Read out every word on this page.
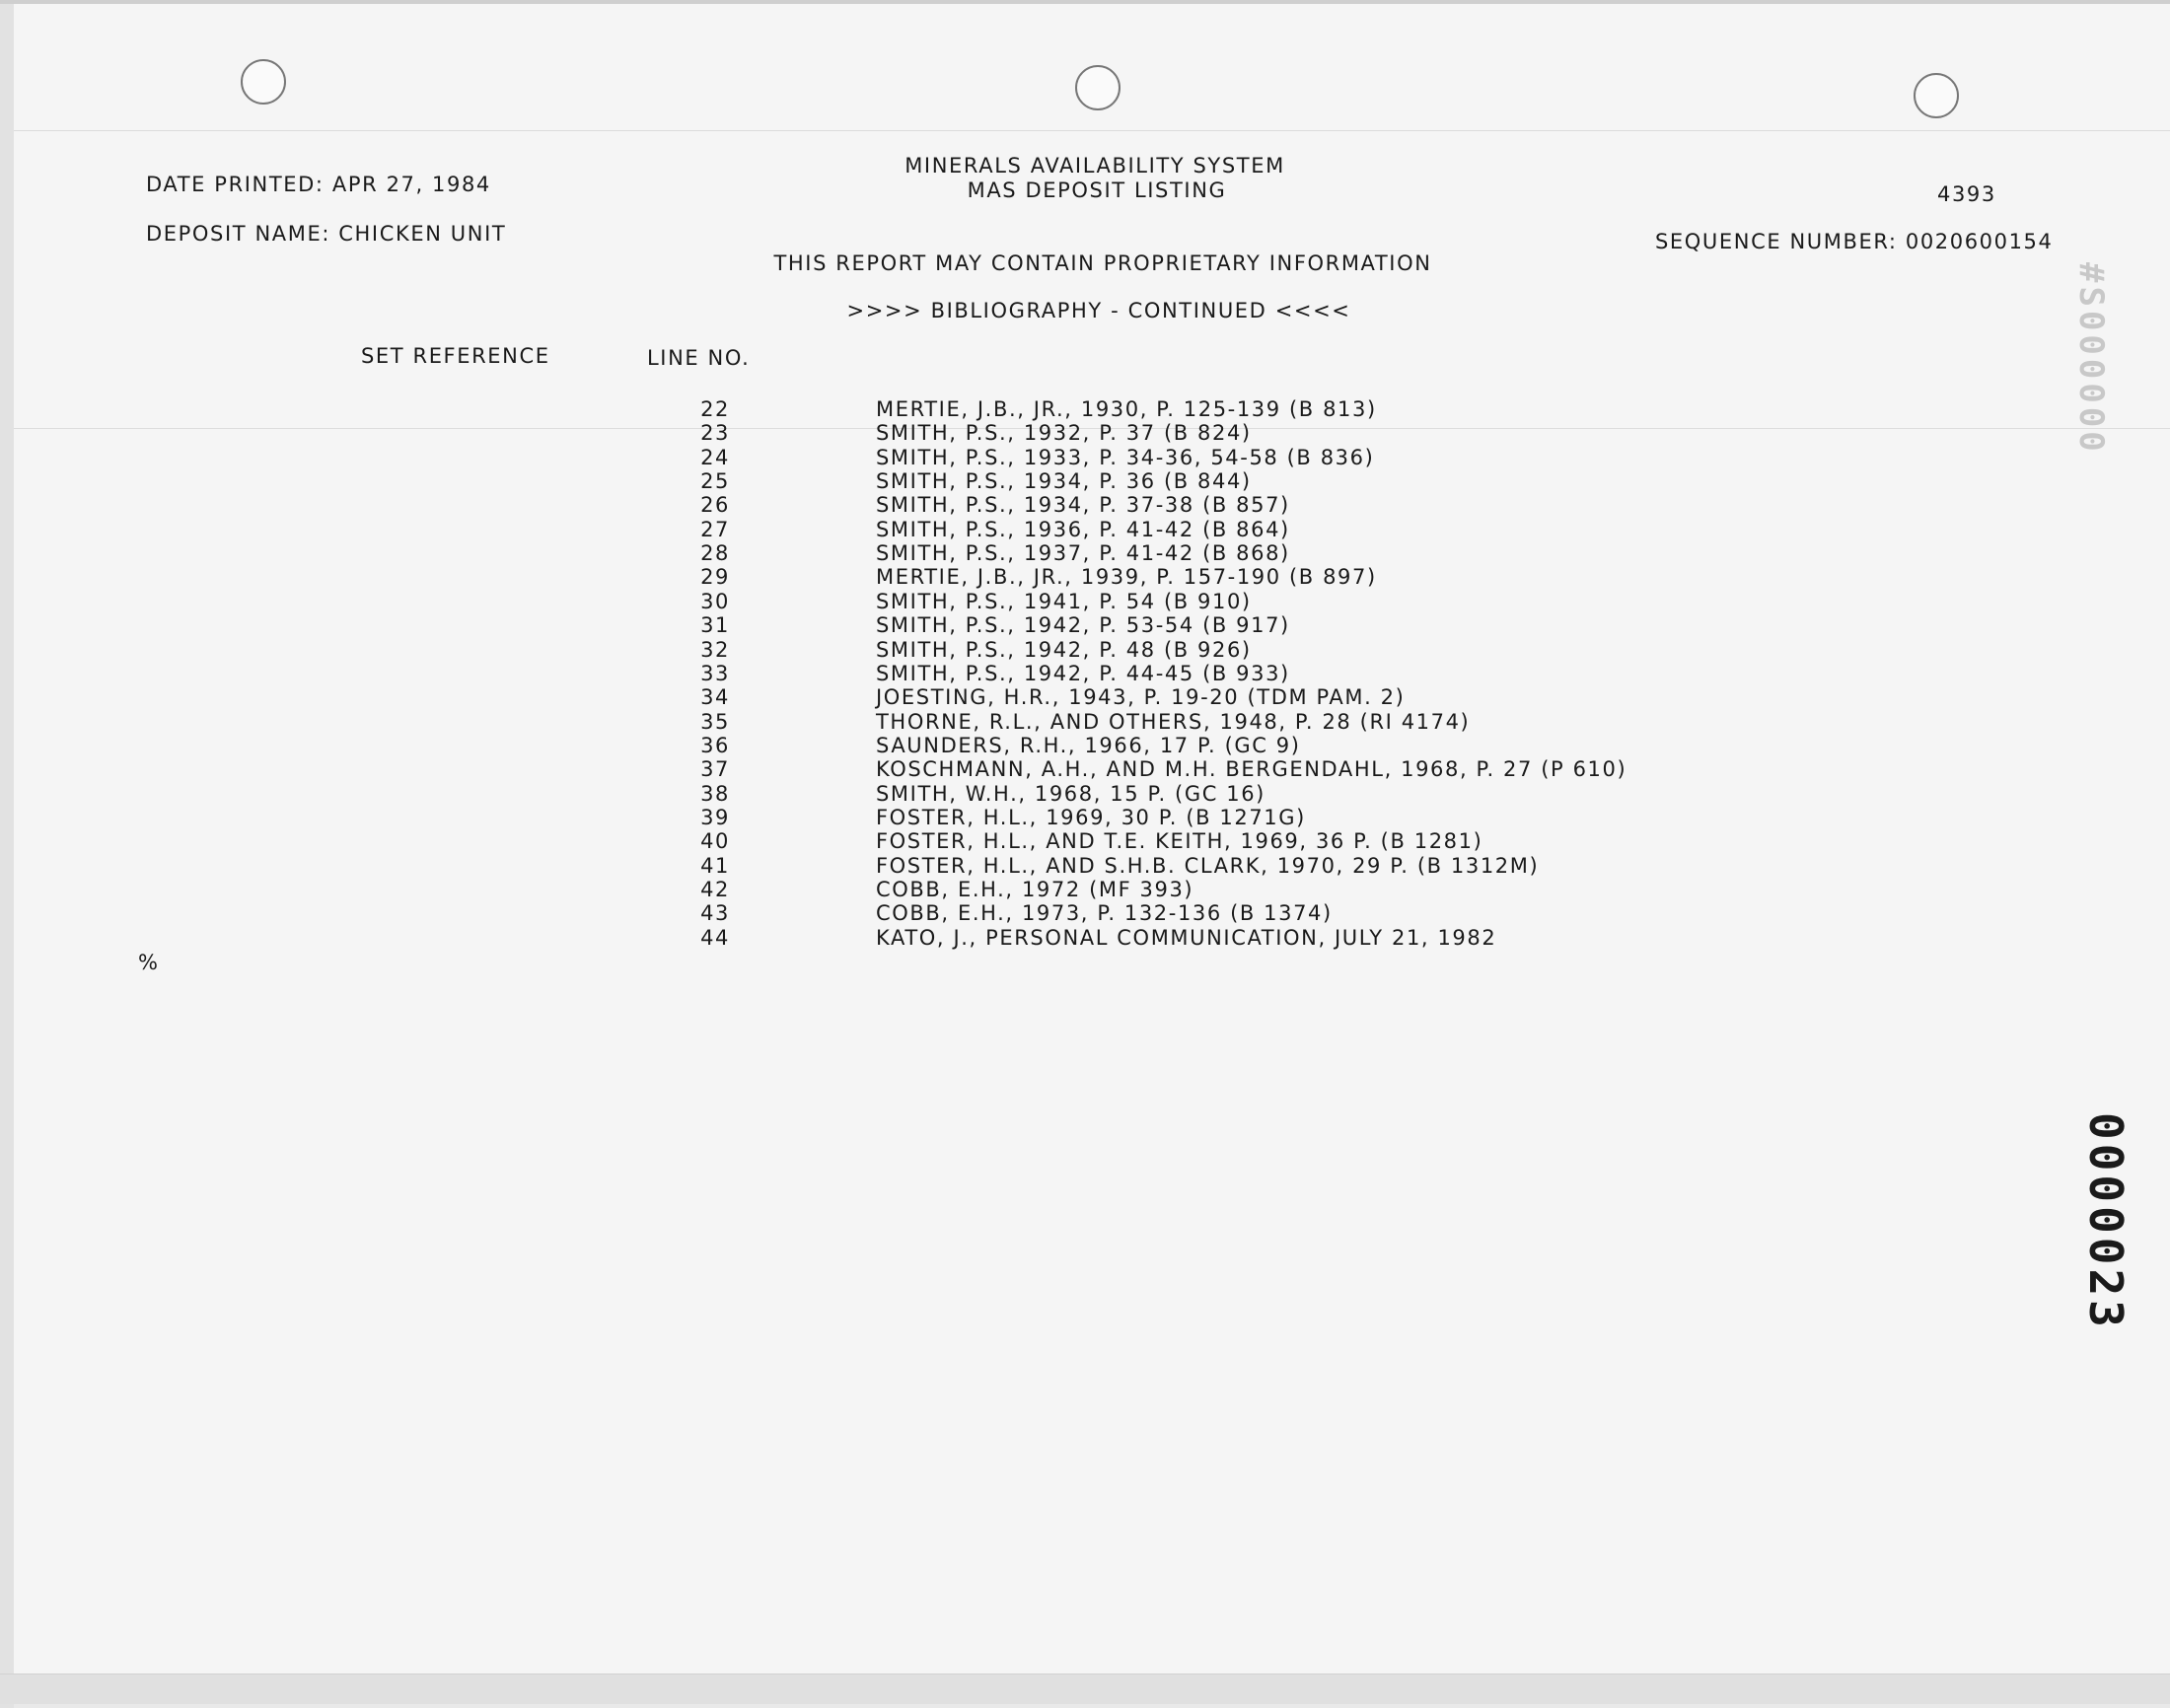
DATE PRINTED: APR 27, 1984
DEPOSIT NAME: CHICKEN UNIT
MINERALS AVAILABILITY SYSTEM
MAS DEPOSIT LISTING	4393
SEQUENCE NUMBER: 0020600154
THIS REPORT MAY CONTAIN PROPRIETARY INFORMATION
>>>> BIBLIOGRAPHY - CONTINUED <<<<
SET REFERENCE	LINE NO.
22	MERTIE, J.B., JR., 1930, P. 125-139 (B 813)
23	SMITH, P.S., 1932, P. 37 (B 824)
24	SMITH, P.S., 1933, P. 34-36, 54-58 (B 836)
25	SMITH, P.S., 1934, P. 36 (B 844)
26	SMITH, P.S., 1934, P. 37-38 (B 857)
27	SMITH, P.S., 1936, P. 41-42 (B 864)
28	SMITH, P.S., 1937, P. 41-42 (B 868)
29	MERTIE, J.B., JR., 1939, P. 157-190 (B 897)
30	SMITH, P.S., 1941, P. 54 (B 910)
31	SMITH, P.S., 1942, P. 53-54 (B 917)
32	SMITH, P.S., 1942, P. 48 (B 926)
33	SMITH, P.S., 1942, P. 44-45 (B 933)
34	JOESTING, H.R., 1943, P. 19-20 (TDM PAM. 2)
35	THORNE, R.L., AND OTHERS, 1948, P. 28 (RI 4174)
36	SAUNDERS, R.H., 1966, 17 P. (GC 9)
37	KOSCHMANN, A.H., AND M.H. BERGENDAHL, 1968, P. 27 (P 610)
38	SMITH, W.H., 1968, 15 P. (GC 16)
39	FOSTER, H.L., 1969, 30 P. (B 1271G)
40	FOSTER, H.L., AND T.E. KEITH, 1969, 36 P. (B 1281)
41	FOSTER, H.L., AND S.H.B. CLARK, 1970, 29 P. (B 1312M)
42	COBB, E.H., 1972 (MF 393)
43	COBB, E.H., 1973, P. 132-136 (B 1374)
44	KATO, J., PERSONAL COMMUNICATION, JULY 21, 1982
%
#S000000
0000023
